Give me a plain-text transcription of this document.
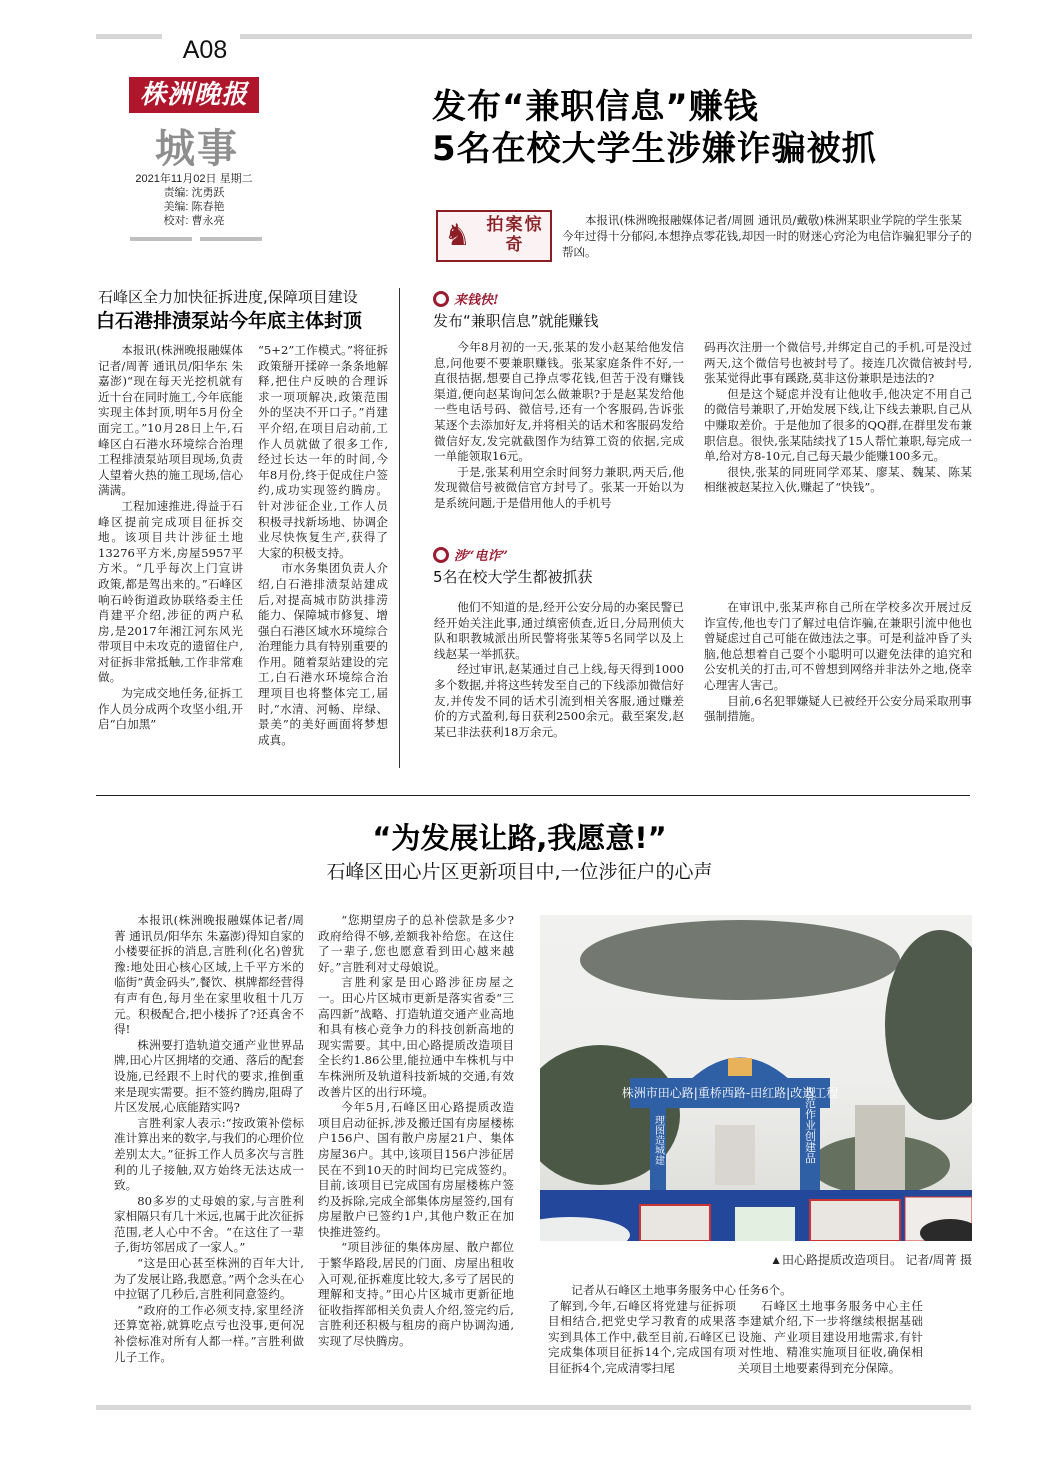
A08
株洲晚报
城事
2021年11月02日 星期二
责编: 沈勇跃
美编: 陈春艳
校对: 曹永亮
发布“兼职信息”赚钱
5名在校大学生涉嫌诈骗被抓
♞ 拍案惊奇
本报讯(株洲晚报融媒体记者/周圆 通讯员/戴敬)株洲某职业学院的学生张某今年过得十分郁闷,本想挣点零花钱,却因一时的财迷心窍沦为电信诈骗犯罪分子的帮凶。
石峰区全力加快征拆进度,保障项目建设
白石港排渍泵站今年底主体封顶

本报讯(株洲晚报融媒体记者/周菁 通讯员/阳华东 朱嘉澎)“现在每天光挖机就有近十台在同时施工,今年底能实现主体封顶,明年5月份全面完工。”10月28日上午,石峰区白石港水环境综合治理工程排渍泵站项目现场,负责人望着火热的施工现场,信心满满。

工程加速推进,得益于石峰区提前完成项目征拆交地。该项目共计涉征土地13276平方米,房屋5957平方米。“几乎每次上门宣讲政策,都是驾出来的。”石峰区响石岭街道政协联络委主任肖建平介绍,涉征的两户私房,是2017年湘江河东风光带项目中未攻克的遗留住户,对征拆非常抵触,工作非常难做。

为完成交地任务,征拆工作人员分成两个攻坚小组,开启“白加黑”

“5+2”工作模式。”将征拆政策掰开揉碎一条条地解释,把住户反映的合理诉求一项项解决,政策范围外的坚决不开口子。”肖建平介绍,在项目启动前,工作人员就做了很多工作,经过长达一年的时间,今年8月份,终于促成住户签约,成功实现签约腾房。针对涉征企业,工作人员积极寻找新场地、协调企业尽快恢复生产,获得了大家的积极支持。

市水务集团负责人介绍,白石港排渍泵站建成后,对提高城市防洪排涝能力、保障城市修复、增强白石港区域水环境综合治理能力具有特别重要的作用。随着泵站建设的完工,白石港水环境综合治理项目也将整体完工,届时,“水清、河畅、岸绿、景美”的美好画面将梦想成真。

来钱快!
发布“兼职信息”就能赚钱

今年8月初的一天,张某的发小赵某给他发信息,问他要不要兼职赚钱。张某家庭条件不好,一直很拮据,想要自己挣点零花钱,但苦于没有赚钱渠道,便向赵某询问怎么做兼职?于是赵某发给他一些电话号码、微信号,还有一个客服码,告诉张某逐个去添加好友,并将相关的话术和客服码发给微信好友,发完就截图作为结算工资的依据,完成一单能领取16元。

于是,张某利用空余时间努力兼职,两天后,他发现微信号被微信官方封号了。张某一开始以为是系统问题,于是借用他人的手机号

码再次注册一个微信号,并绑定自己的手机,可是没过两天,这个微信号也被封号了。接连几次微信被封号,张某觉得此事有蹊跷,莫非这份兼职是违法的?

但是这个疑虑并没有让他收手,他决定不用自己的微信号兼职了,开始发展下线,让下线去兼职,自己从中赚取差价。于是他加了很多的QQ群,在群里发布兼职信息。很快,张某陆续找了15人帮忙兼职,每完成一单,给对方8-10元,自己每天最少能赚100多元。

很快,张某的同班同学邓某、廖某、魏某、陈某相继被赵某拉入伙,赚起了“快钱”。

涉“电诈”
5名在校大学生都被抓获

他们不知道的是,经开公安分局的办案民警已经开始关注此事,通过缜密侦查,近日,分局刑侦大队和职教城派出所民警将张某等5名同学以及上线赵某一举抓获。

经过审讯,赵某通过自己上线,每天得到1000多个数据,并将这些转发至自己的下线添加微信好友,并传发不同的话术引流到相关客服,通过赚差价的方式盈利,每日获利2500余元。截至案发,赵某已非法获利18万余元。

在审讯中,张某声称自己所在学校多次开展过反诈宣传,他也专门了解过电信诈骗,在兼职引流中他也曾疑虑过自己可能在做违法之事。可是利益冲昏了头脑,他总想着自己耍个小聪明可以避免法律的追究和公安机关的打击,可不曾想到网络并非法外之地,侥幸心理害人害己。

目前,6名犯罪嫌疑人已被经开公安分局采取刑事强制措施。

“为发展让路,我愿意!”
石峰区田心片区更新项目中,一位涉征户的心声

本报讯(株洲晚报融媒体记者/周菁 通讯员/阳华东 朱嘉澎)得知自家的小楼要征拆的消息,言胜利(化名)曾犹豫:地处田心核心区域,上千平方米的临街“黄金码头”,餐饮、棋牌都经营得有声有色,每月坐在家里收租十几万元。积极配合,把小楼拆了?还真舍不得!

株洲要打造轨道交通产业世界品牌,田心片区拥堵的交通、落后的配套设施,已经跟不上时代的要求,推倒重来是现实需要。拒不签约腾房,阻碍了片区发展,心底能踏实吗?

言胜利家人表示:“按政策补偿标准计算出来的数字,与我们的心理价位差别太大。”征拆工作人员多次与言胜利的儿子接触,双方始终无法达成一致。

80多岁的丈母娘的家,与言胜利家相隔只有几十米远,也属于此次征拆范围,老人心中不舍。“在这住了一辈子,街坊邻居成了一家人。”

“这是田心甚至株洲的百年大计,为了发展让路,我愿意。”两个念头在心中拉锯了几秒后,言胜利同意签约。

“政府的工作必须支持,家里经济还算宽裕,就算吃点亏也没事,更何况补偿标准对所有人都一样。”言胜利做儿子工作。

“您期望房子的总补偿款是多少?政府给得不够,差额我补给您。在这住了一辈子,您也愿意看到田心越来越好。”言胜利对丈母娘说。

言胜利家是田心路涉征房屋之一。田心片区城市更新是落实省委“三高四新”战略、打造轨道交通产业高地和具有核心竞争力的科技创新高地的现实需要。其中,田心路提质改造项目全长约1.86公里,能拉通中车株机与中车株洲所及轨道科技新城的交通,有效改善片区的出行环境。

今年5月,石峰区田心路提质改造项目启动征拆,涉及搬迁国有房屋楼栋户156户、国有散户房屋21户、集体房屋36户。其中,该项目156户涉征居民在不到10天的时间均已完成签约。目前,该项目已完成国有房屋楼栋户签约及拆除,完成全部集体房屋签约,国有房屋散户已签约1户,其他户数正在加快推进签约。

“项目涉征的集体房屋、散户都位于繁华路段,居民的门面、房屋出租收入可观,征拆难度比较大,多亏了居民的理解和支持。”田心片区城市更新征地征收指挥部相关负责人介绍,签完约后,言胜利还积极与租房的商户协调沟通,实现了尽快腾房。

株洲市田心路|重桥西路-田红路|改造工程
规范作业创建品
理图造城建
▲田心路提质改造项目。 记者/周菁 摄

记者从石峰区土地事务服务中心了解到,今年,石峰区将党建与征拆项目相结合,把党史学习教育的成果落实到具体工作中,截至目前,石峰区已完成集体项目征拆14个,完成国有项目征拆4个,完成清零扫尾

任务6个。

石峰区土地事务服务中心主任李建斌介绍,下一步将继续根据基础设施、产业项目建设用地需求,有针对性地、精准实施项目征收,确保相关项目土地要素得到充分保障。
